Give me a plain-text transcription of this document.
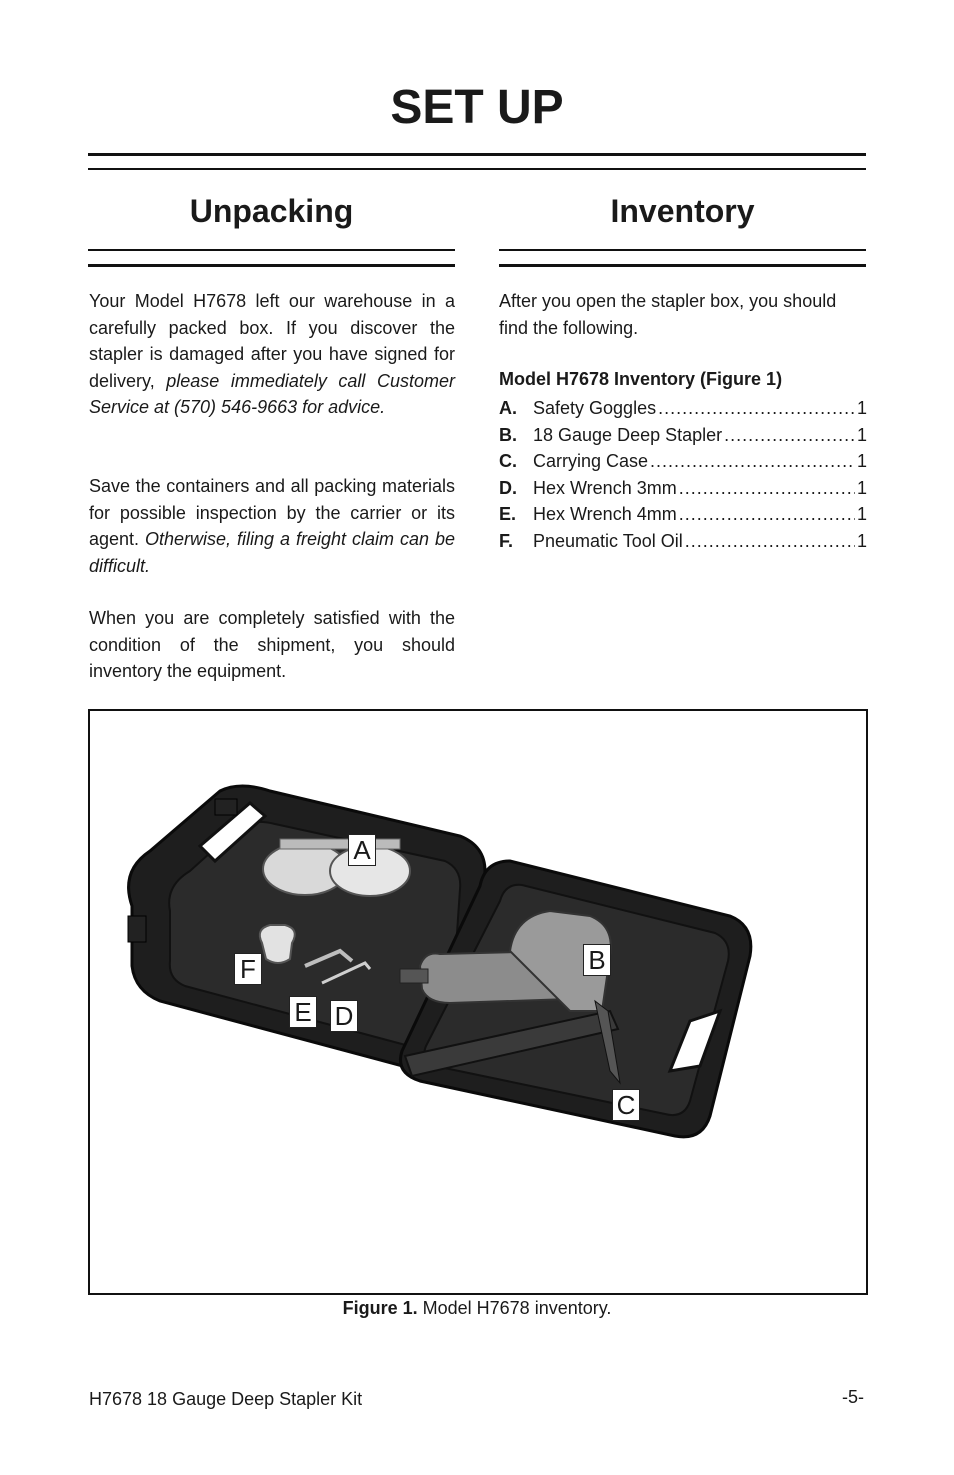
SET UP
Unpacking
Your Model H7678 left our warehouse in a carefully packed box. If you discover the stapler is damaged after you have signed for delivery, please immediately call Customer Service at (570) 546-9663 for advice.
Save the containers and all packing materials for possible inspection by the carrier or its agent. Otherwise, filing a freight claim can be difficult.
When you are completely satisfied with the condition of the shipment, you should inventory the equipment.
Inventory
After you open the stapler box, you should find the following.
Model H7678 Inventory (Figure 1)
A. Safety Goggles .....	1
B. 18 Gauge Deep Stapler .....	1
C. Carrying Case .....	1
D. Hex Wrench 3mm .....	1
E. Hex Wrench 4mm .....	1
F.	Pneumatic Tool Oil .....	1
A
B
C
D
E
F
Figure 1. Model H7678 inventory.
H7678 18 Gauge Deep Stapler Kit	-5-
